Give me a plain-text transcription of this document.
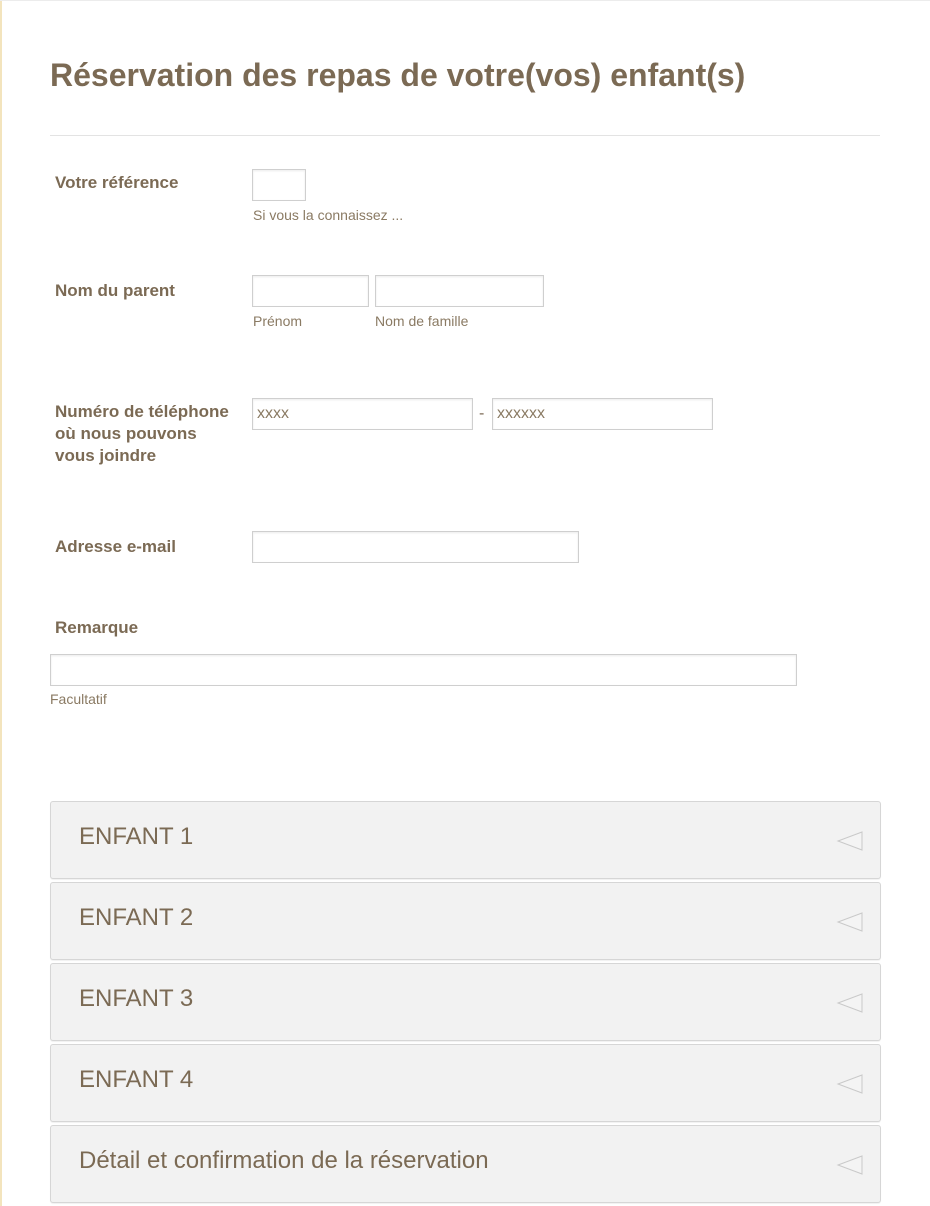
Réservation des repas de votre(vos) enfant(s)
Votre référence
Si vous la connaissez ...
Nom du parent
Prénom	Nom de famille
Numéro de téléphone
où nous pouvons
vous joindre
xxxx
-
xxxxxx
Adresse e-mail
Remarque
Facultatif
ENFANT 1
ENFANT 2
ENFANT 3
ENFANT 4
Détail et confirmation de la réservation
